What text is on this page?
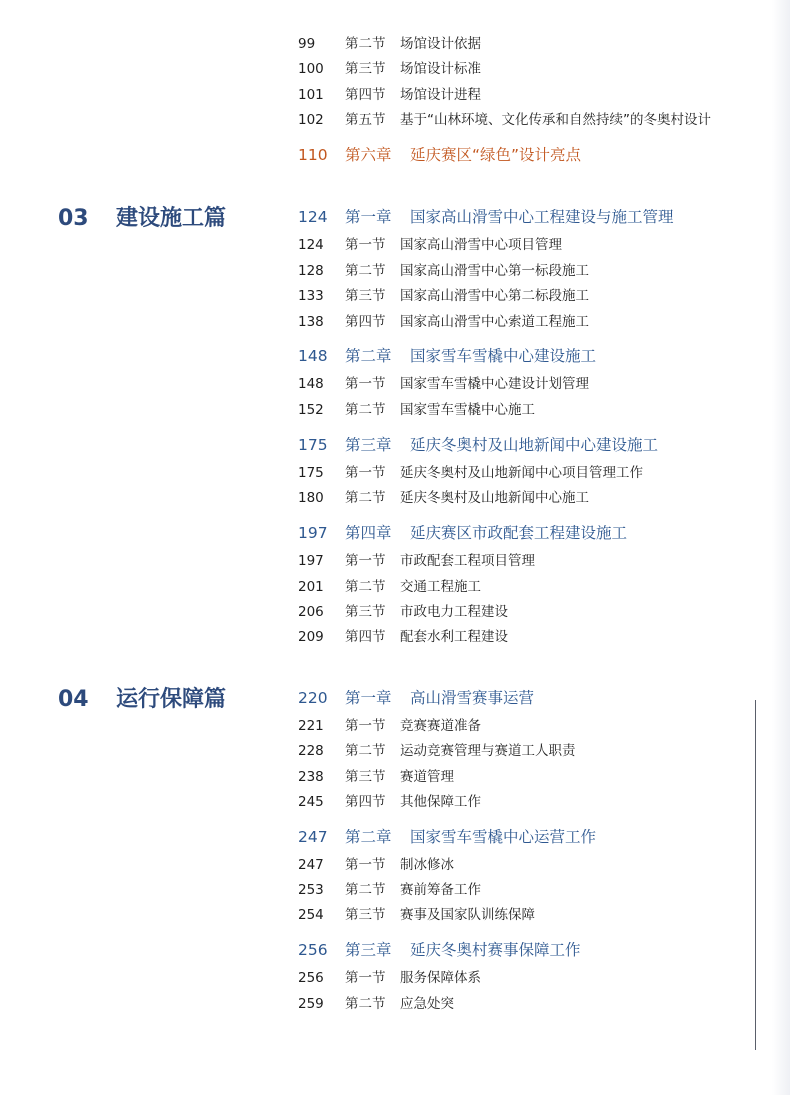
99 第二节 场馆设计依据
100 第三节 场馆设计标准
101 第四节 场馆设计进程
102 第五节 基于“山林环境、文化传承和自然持续”的冬奥村设计
110 第六章 延庆赛区“绿色”设计亮点
03 建设施工篇	124 第一章 国家高山滑雪中心工程建设与施工管理
124 第一节 国家高山滑雪中心项目管理
128 第二节 国家高山滑雪中心第一标段施工
133 第三节 国家高山滑雪中心第二标段施工
138 第四节 国家高山滑雪中心索道工程施工
148 第二章 国家雪车雪橇中心建设施工
148 第一节 国家雪车雪橇中心建设计划管理
152 第二节 国家雪车雪橇中心施工
175 第三章 延庆冬奥村及山地新闻中心建设施工
175 第一节 延庆冬奥村及山地新闻中心项目管理工作
180 第二节 延庆冬奥村及山地新闻中心施工
197 第四章 延庆赛区市政配套工程建设施工
197 第一节 市政配套工程项目管理
201 第二节 交通工程施工
206 第三节 市政电力工程建设
209 第四节 配套水利工程建设
04 运行保障篇	220 第一章 高山滑雪赛事运营
221 第一节 竞赛赛道准备
228 第二节 运动竞赛管理与赛道工人职责
238 第三节 赛道管理
245 第四节 其他保障工作
247 第二章 国家雪车雪橇中心运营工作
247 第一节 制冰修冰
253 第二节 赛前筹备工作
254 第三节 赛事及国家队训练保障
256 第三章 延庆冬奥村赛事保障工作
256 第一节 服务保障体系
259 第二节 应急处突
